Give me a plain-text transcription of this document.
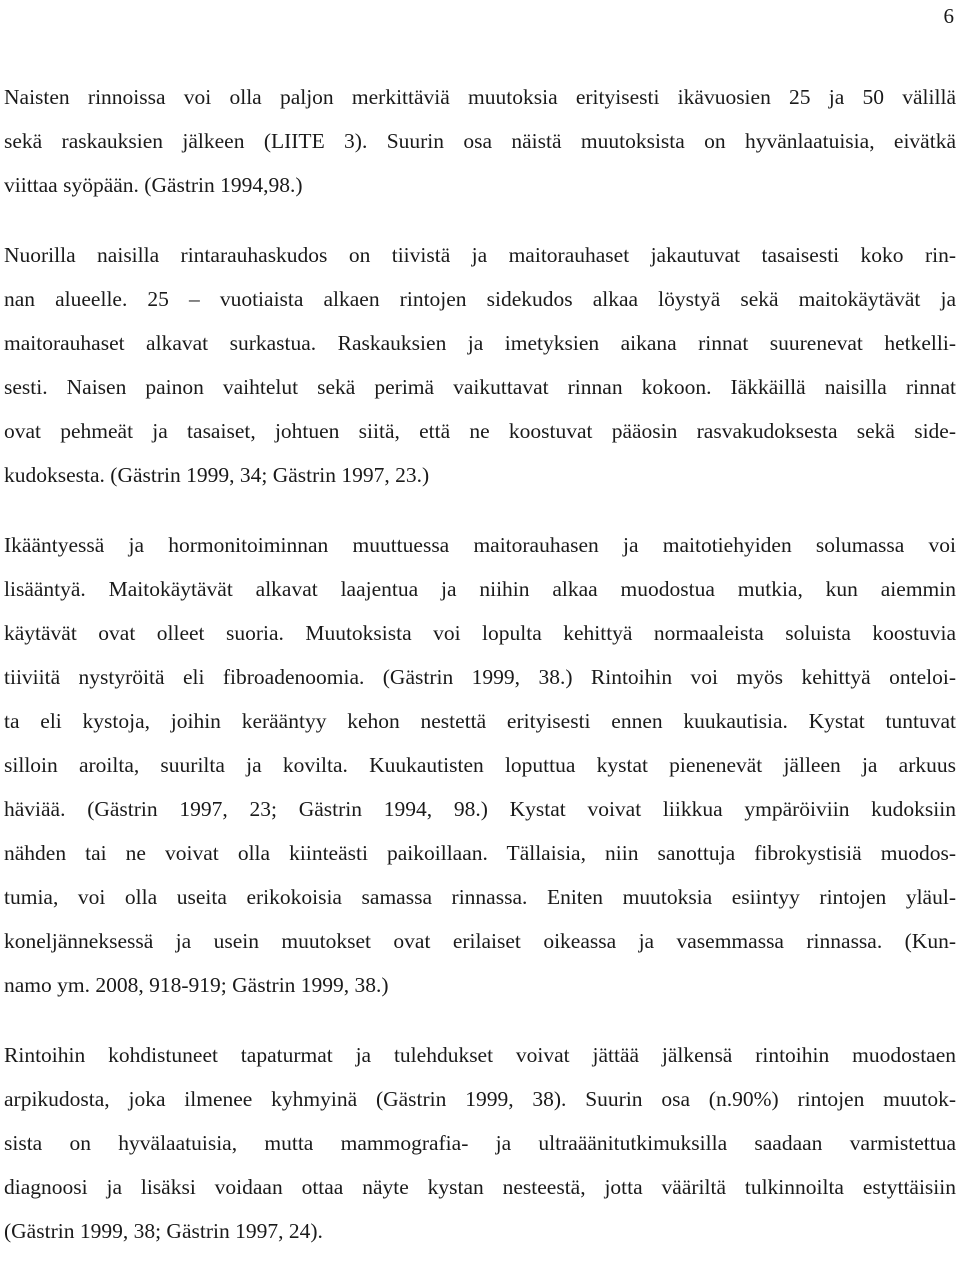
6
Naisten rinnoissa voi olla paljon merkittäviä muutoksia erityisesti ikävuosien 25 ja 50 välillä
sekä raskauksien jälkeen (LIITE 3). Suurin osa näistä muutoksista on hyvänlaatuisia, eivätkä
viittaa syöpään. (Gästrin 1994,98.)
Nuorilla naisilla rintarauhaskudos on tiivistä ja maitorauhaset jakautuvat tasaisesti koko rin-
nan alueelle. 25 – vuotiaista alkaen rintojen sidekudos alkaa löystyä sekä maitokäytävät ja
maitorauhaset alkavat surkastua. Raskauksien ja imetyksien aikana rinnat suurenevat hetkelli-
sesti. Naisen painon vaihtelut sekä perimä vaikuttavat rinnan kokoon. Iäkkäillä naisilla rinnat
ovat pehmeät ja tasaiset, johtuen siitä, että ne koostuvat pääosin rasvakudoksesta sekä side-
kudoksesta. (Gästrin 1999, 34; Gästrin 1997, 23.)
Ikääntyessä ja hormonitoiminnan muuttuessa maitorauhasen ja maitotiehyiden solumassa voi
lisääntyä. Maitokäytävät alkavat laajentua ja niihin alkaa muodostua mutkia, kun aiemmin
käytävät ovat olleet suoria. Muutoksista voi lopulta kehittyä normaaleista soluista koostuvia
tiiviitä nystyröitä eli fibroadenoomia. (Gästrin 1999, 38.) Rintoihin voi myös kehittyä onteloi-
ta eli kystoja, joihin kerääntyy kehon nestettä erityisesti ennen kuukautisia. Kystat tuntuvat
silloin aroilta, suurilta ja kovilta. Kuukautisten loputtua kystat pienenevät jälleen ja arkuus
häviää. (Gästrin 1997, 23; Gästrin 1994, 98.) Kystat voivat liikkua ympäröiviin kudoksiin
nähden tai ne voivat olla kiinteästi paikoillaan. Tällaisia, niin sanottuja fibrokystisiä muodos-
tumia, voi olla useita erikokoisia samassa rinnassa. Eniten muutoksia esiintyy rintojen yläul-
koneljänneksessä ja usein muutokset ovat erilaiset oikeassa ja vasemmassa rinnassa. (Kun-
namo ym. 2008, 918-919; Gästrin 1999, 38.)
Rintoihin kohdistuneet tapaturmat ja tulehdukset voivat jättää jälkensä rintoihin muodostaen
arpikudosta, joka ilmenee kyhmyinä (Gästrin 1999, 38). Suurin osa (n.90%) rintojen muutok-
sista on hyvälaatuisia, mutta mammografia- ja ultraäänitutkimuksilla saadaan varmistettua
diagnoosi ja lisäksi voidaan ottaa näyte kystan nesteestä, jotta vääriltä tulkinnoilta estyttäisiin
(Gästrin 1999, 38; Gästrin 1997, 24).
